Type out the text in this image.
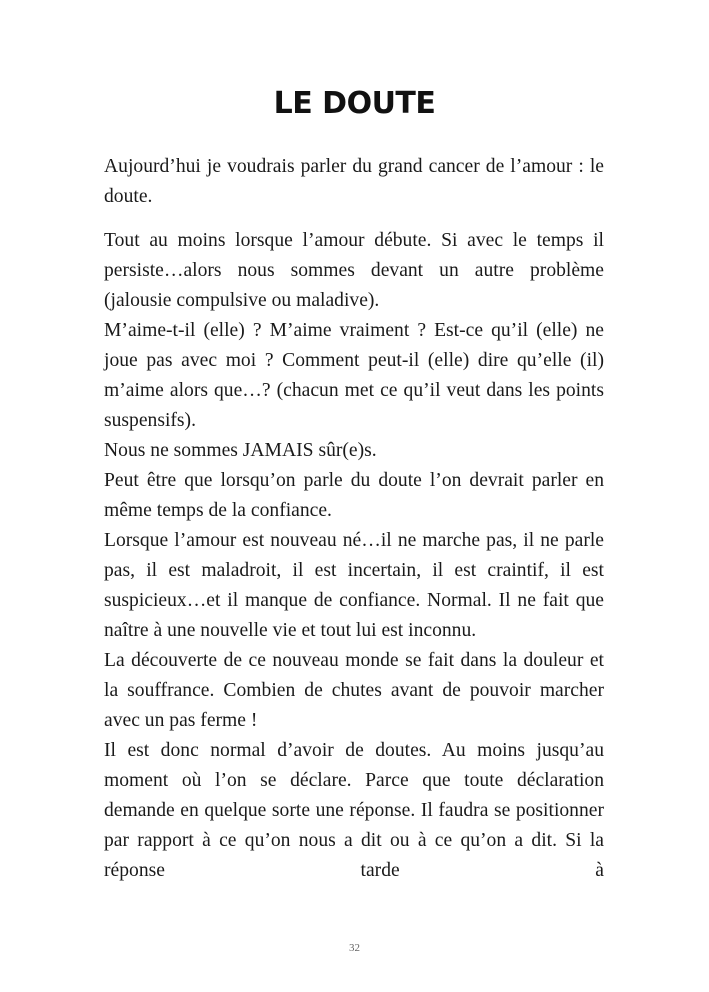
LE DOUTE

Aujourd’hui je voudrais parler du grand cancer de l’amour : le doute.

Tout au moins lorsque l’amour débute. Si avec le temps il persiste…alors nous sommes devant un autre problème (jalousie compulsive ou maladive).

M’aime-t-il (elle) ? M’aime vraiment ? Est-ce qu’il (elle) ne joue pas avec moi ? Comment peut-il (elle) dire qu’elle (il) m’aime alors que…? (chacun met ce qu’il veut dans les points suspensifs).

Nous ne sommes JAMAIS sûr(e)s.

Peut être que lorsqu’on parle du doute l’on devrait parler en même temps de la confiance.

Lorsque l’amour est nouveau né…il ne marche pas, il ne parle pas, il est maladroit, il est incertain, il est craintif, il est suspicieux…et il manque de confiance. Normal. Il ne fait que naître à une nouvelle vie et tout lui est inconnu.

La découverte de ce nouveau monde se fait dans la douleur et la souffrance. Combien de chutes avant de pouvoir marcher avec un pas ferme !

Il est donc normal d’avoir de doutes. Au moins jusqu’au moment où l’on se déclare. Parce que toute déclaration demande en quelque sorte une réponse. Il faudra se positionner par rapport à ce qu’on nous a dit ou à ce qu’on a dit. Si la réponse tarde à

32
